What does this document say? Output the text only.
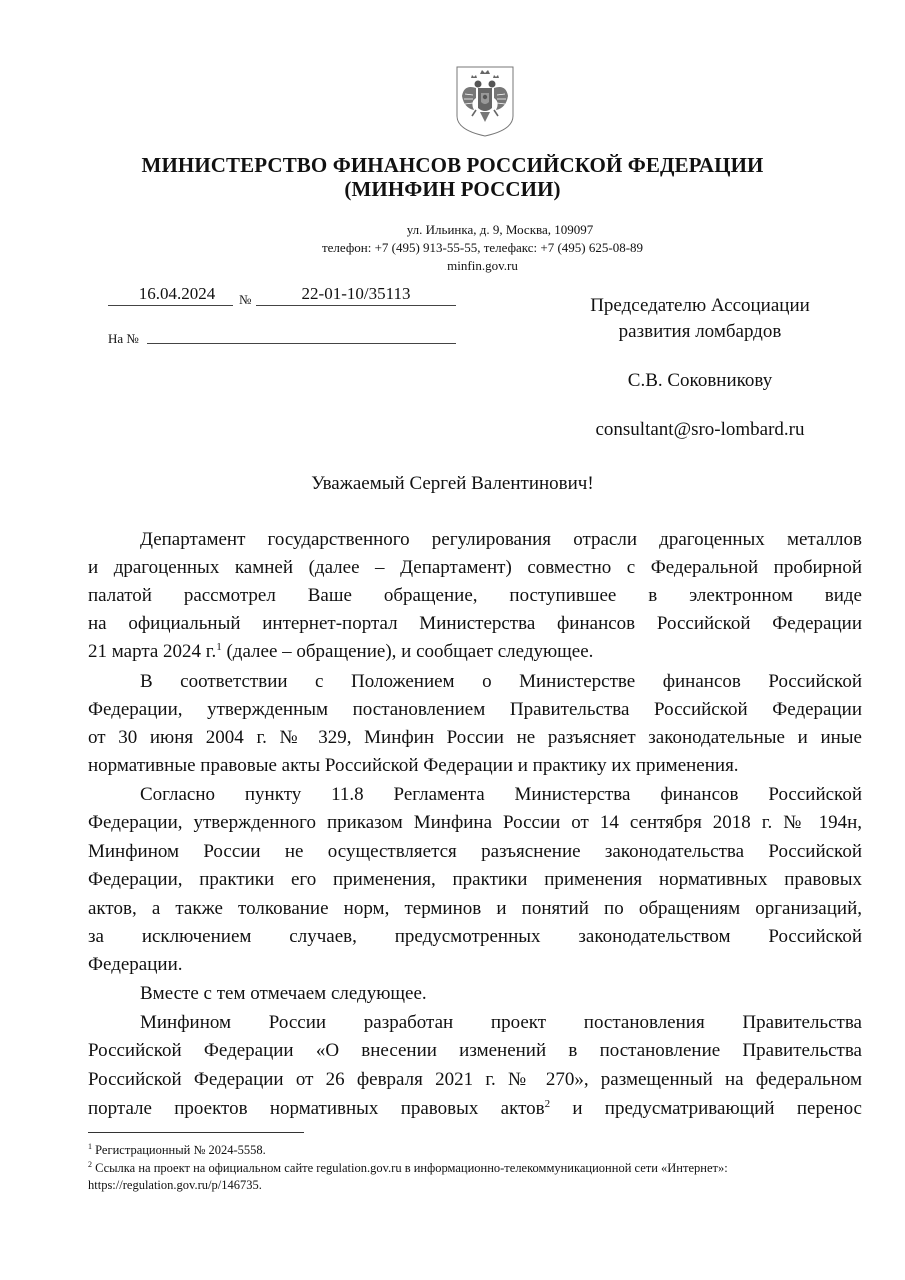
МИНИСТЕРСТВО ФИНАНСОВ РОССИЙСКОЙ ФЕДЕРАЦИИ
(МИНФИН РОССИИ)
ул. Ильинка, д. 9, Москва, 109097
телефон: +7 (495) 913-55-55, телефакс: +7 (495) 625-08-89
minfin.gov.ru
16.04.2024	№	22-01-10/35113
На №
Председателю Ассоциации
развития ломбардов
С.В. Соковникову
consultant@sro-lombard.ru
Уважаемый Сергей Валентинович!
Департамент государственного регулирования отрасли драгоценных металлов
и драгоценных камней (далее – Департамент) совместно с Федеральной пробирной
палатой рассмотрел Ваше обращение, поступившее в электронном виде
на официальный интернет-портал Министерства финансов Российской Федерации
21 марта 2024 г.$^1$ (далее – обращение), и сообщает следующее.
В соответствии с Положением о Министерстве финансов Российской
Федерации, утвержденным постановлением Правительства Российской Федерации
от 30 июня 2004 г. № 329, Минфин России не разъясняет законодательные и иные
нормативные правовые акты Российской Федерации и практику их применения.
Согласно пункту 11.8 Регламента Министерства финансов Российской
Федерации, утвержденного приказом Минфина России от 14 сентября 2018 г. № 194н,
Минфином России не осуществляется разъяснение законодательства Российской
Федерации, практики его применения, практики применения нормативных правовых
актов, а также толкование норм, терминов и понятий по обращениям организаций,
за исключением случаев, предусмотренных законодательством Российской
Федерации.
Вместе с тем отмечаем следующее.
Минфином России разработан проект постановления Правительства
Российской Федерации «О внесении изменений в постановление Правительства
Российской Федерации от 26 февраля 2021 г. № 270», размещенный на федеральном
портале проектов нормативных правовых актов$^2$ и предусматривающий перенос
$^1$ Регистрационный № 2024-5558.
$^2$ Ссылка на проект на официальном сайте regulation.gov.ru в информационно-телекоммуникационной сети «Интернет»:
https://regulation.gov.ru/p/146735.
